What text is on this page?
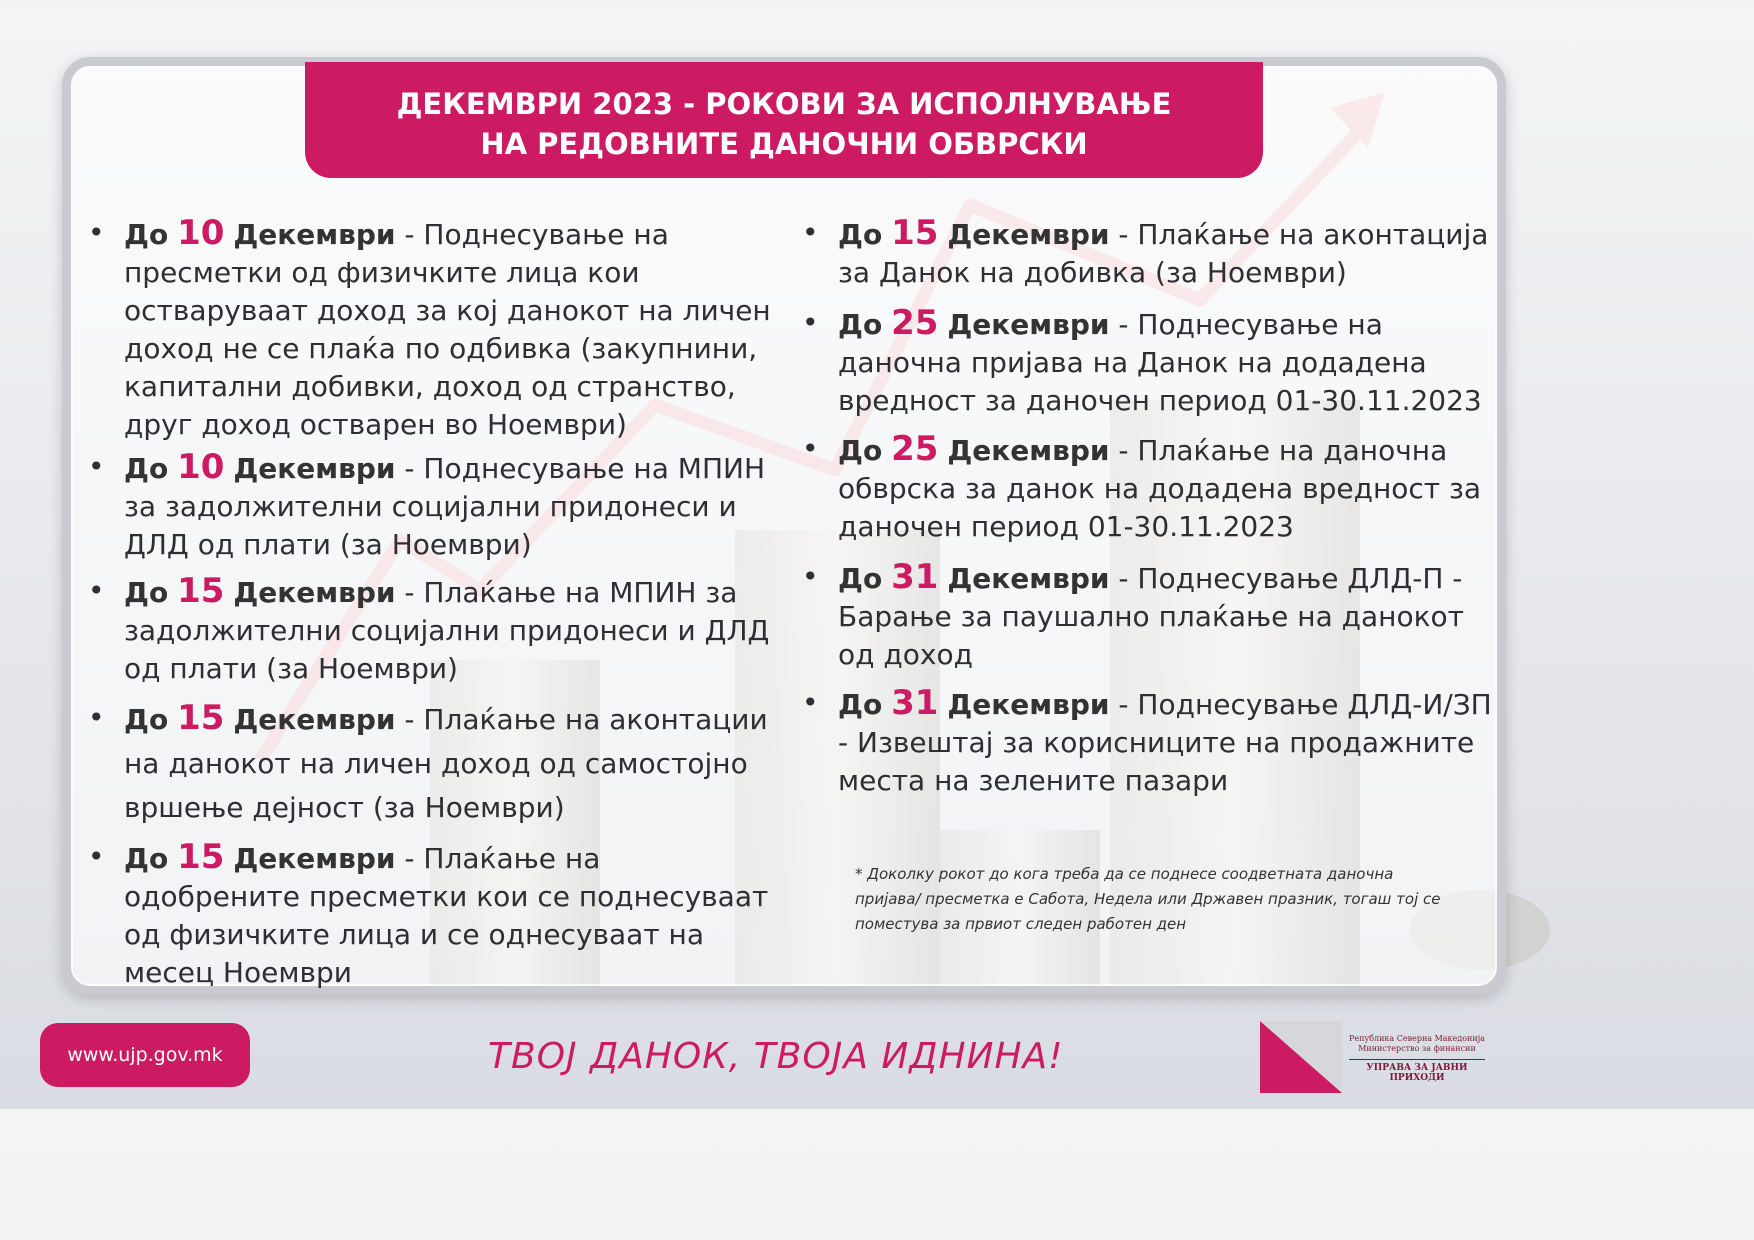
ДЕКЕМВРИ 2023 - РОКОВИ ЗА ИСПОЛНУВАЊЕ
НА РЕДОВНИТЕ ДАНОЧНИ ОБВРСКИ
• До 10 Декември - Поднесување на пресметки од физичките лица кои остваруваат доход за кој данокот на личен доход не се плаќа по одбивка (закупнини, капитални добивки, доход од странство, друг доход остварен во Ноември)
• До 10 Декември - Поднесување на МПИН за задолжителни социјални придонеси и ДЛД од плати (за Ноември)
• До 15 Декември - Плаќање на МПИН за задолжителни социјални придонеси и ДЛД од плати (за Ноември)
• До 15 Декември - Плаќање на аконтации на данокот на личен доход од самостојно вршење дејност (за Ноември)
• До 15 Декември - Плаќање на одобрените пресметки кои се поднесуваат од физичките лица и се однесуваат на месец Ноември
• До 15 Декември - Плаќање на аконтација за Данок на добивка (за Ноември)
• До 25 Декември - Поднесување на даночна пријава на Данок на додадена вредност за даночен период 01-30.11.2023
• До 25 Декември - Плаќање на даночна обврска за данок на додадена вредност за даночен период 01-30.11.2023
• До 31 Декември - Поднесување ДЛД-П - Барање за паушално плаќање на данокот од доход
• До 31 Декември - Поднесување ДЛД-И/ЗП - Извештај за корисниците на продажните места на зелените пазари
* Доколку рокот до кога треба да се поднесе соодветната даночна пријава/ пресметка е Сабота, Недела или Државен празник, тогаш тој се поместува за првиот следен работен ден
www.ujp.gov.mk	ТВОЈ ДАНОК, ТВОЈА ИДНИНА!	Република Северна Македонија
Министерство за финансии
УПРАВА ЗА ЈАВНИ ПРИХОДИ
